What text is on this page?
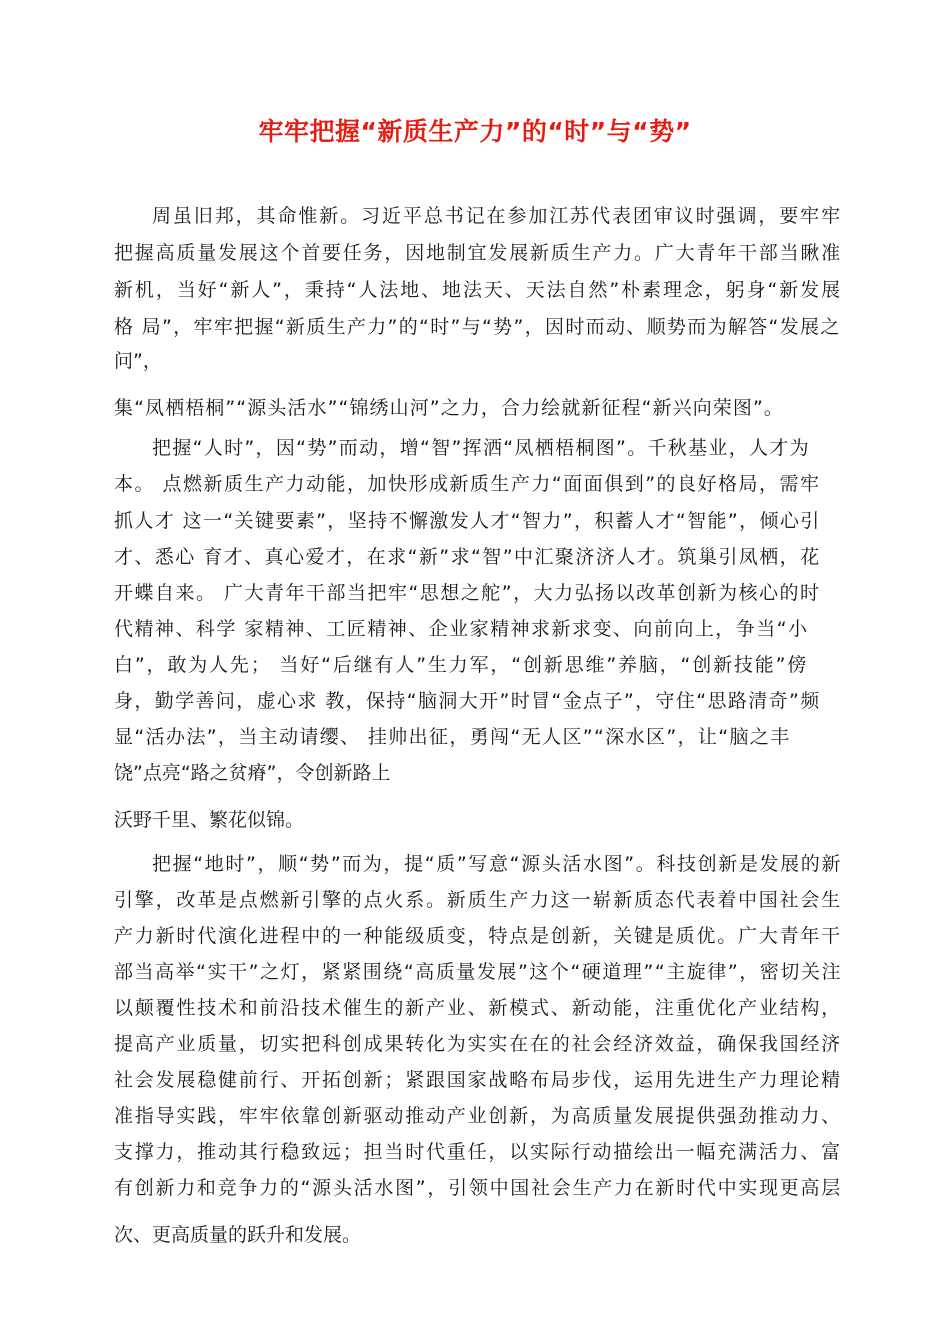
牢牢把握“新质生产力”的“时”与“势”
周虽旧邦，其命惟新。习近平总书记在参加江苏代表团审议时强调，要牢牢
把握高质量发展这个首要任务，因地制宜发展新质生产力。广大青年干部当瞅准
新机，当好“新人”，秉持“人法地、地法天、天法自然”朴素理念，躬身“新发展
格 局”，牢牢把握“新质生产力”的“时”与“势”，因时而动、顺势而为解答“发展之
问”，
集“凤栖梧桐”“源头活水”“锦绣山河”之力，合力绘就新征程“新兴向荣图”。
把握“人时”，因“势”而动，增“智”挥洒“凤栖梧桐图”。千秋基业，人才为
本。 点燃新质生产力动能，加快形成新质生产力“面面俱到”的良好格局，需牢
抓人才 这一“关键要素”，坚持不懈激发人才“智力”，积蓄人才“智能”，倾心引
才、悉心 育才、真心爱才，在求“新”求“智”中汇聚济济人才。筑巢引凤栖，花
开蝶自来。 广大青年干部当把牢“思想之舵”，大力弘扬以改革创新为核心的时
代精神、科学 家精神、工匠精神、企业家精神求新求变、向前向上，争当“小
白”，敢为人先； 当好“后继有人”生力军，“创新思维”养脑，“创新技能”傍
身，勤学善问，虚心求 教，保持“脑洞大开”时冒“金点子”，守住“思路清奇”频
显“活办法”，当主动请缨、 挂帅出征，勇闯“无人区”“深水区”，让“脑之丰
饶”点亮“路之贫瘠”，令创新路上
沃野千里、繁花似锦。
把握“地时”，顺“势”而为，提“质”写意“源头活水图”。科技创新是发展的新
引擎，改革是点燃新引擎的点火系。新质生产力这一崭新质态代表着中国社会生
产力新时代演化进程中的一种能级质变，特点是创新，关键是质优。广大青年干
部当高举“实干”之灯，紧紧围绕“高质量发展”这个“硬道理”“主旋律”，密切关注
以颠覆性技术和前沿技术催生的新产业、新模式、新动能，注重优化产业结构，
提高产业质量，切实把科创成果转化为实实在在的社会经济效益，确保我国经济
社会发展稳健前行、开拓创新；紧跟国家战略布局步伐，运用先进生产力理论精
准指导实践，牢牢依靠创新驱动推动产业创新，为高质量发展提供强劲推动力、
支撑力，推动其行稳致远；担当时代重任，以实际行动描绘出一幅充满活力、富
有创新力和竞争力的“源头活水图”，引领中国社会生产力在新时代中实现更高层
次、更高质量的跃升和发展。
